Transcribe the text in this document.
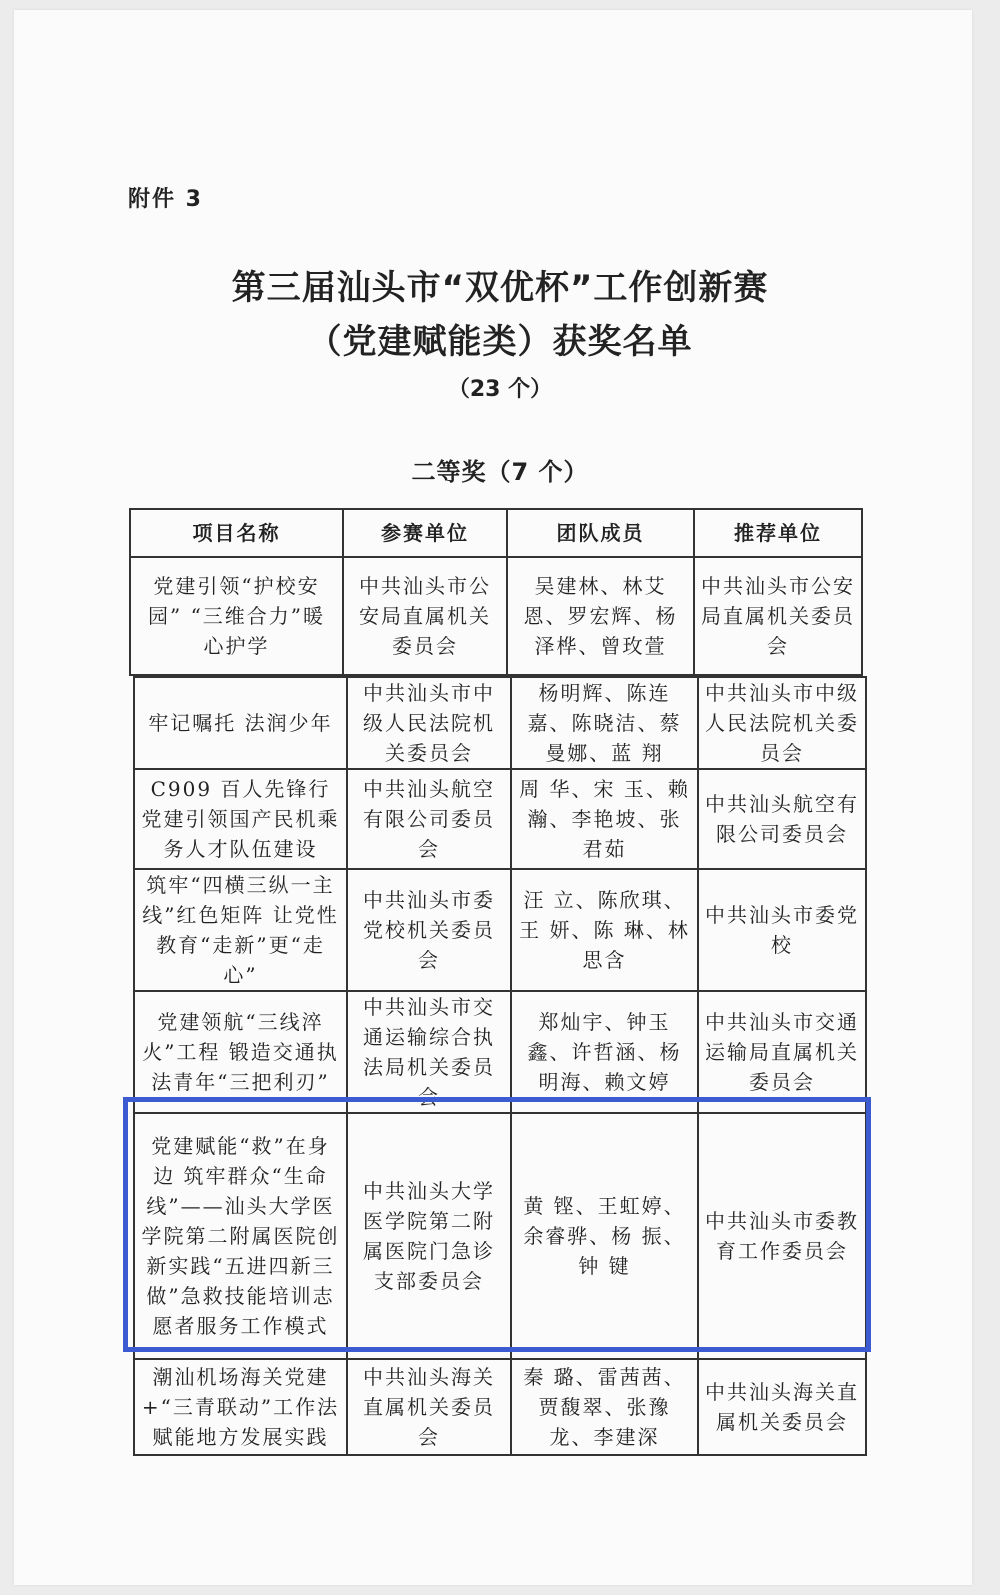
附件 3
第三届汕头市“双优杯”工作创新赛
（党建赋能类）获奖名单
（23 个）
二等奖（7 个）
项目名称	参赛单位	团队成员	推荐单位
党建引领“护校安园” “三维合力”暖心护学	中共汕头市公安局直属机关委员会	吴建林、林艾恩、罗宏辉、杨泽桦、曾玫萱	中共汕头市公安局直属机关委员会
牢记嘱托 法润少年	中共汕头市中级人民法院机关委员会	杨明辉、陈连嘉、陈晓洁、蔡曼娜、蓝 翔	中共汕头市中级人民法院机关委员会
C909 百人先锋行党建引领国产民机乘务人才队伍建设	中共汕头航空有限公司委员会	周 华、宋 玉、赖 瀚、李艳坡、张君茹	中共汕头航空有限公司委员会
筑牢“四横三纵一主线”红色矩阵 让党性教育“走新”更“走心”	中共汕头市委党校机关委员会	汪 立、陈欣琪、王 妍、陈 琳、林思含	中共汕头市委党校
党建领航“三线淬火”工程 锻造交通执法青年“三把利刃”	中共汕头市交通运输综合执法局机关委员会	郑灿宇、钟玉鑫、许哲涵、杨明海、赖文婷	中共汕头市交通运输局直属机关委员会
党建赋能“救”在身边 筑牢群众“生命线”——汕头大学医学院第二附属医院创新实践“五进四新三做”急救技能培训志愿者服务工作模式	中共汕头大学医学院第二附属医院门急诊支部委员会	黄 铿、王虹婷、余睿骅、杨 振、钟 键	中共汕头市委教育工作委员会
潮汕机场海关党建+“三青联动”工作法赋能地方发展实践	中共汕头海关直属机关委员会	秦 璐、雷茜茜、贾馥翠、张豫龙、李建深	中共汕头海关直属机关委员会
